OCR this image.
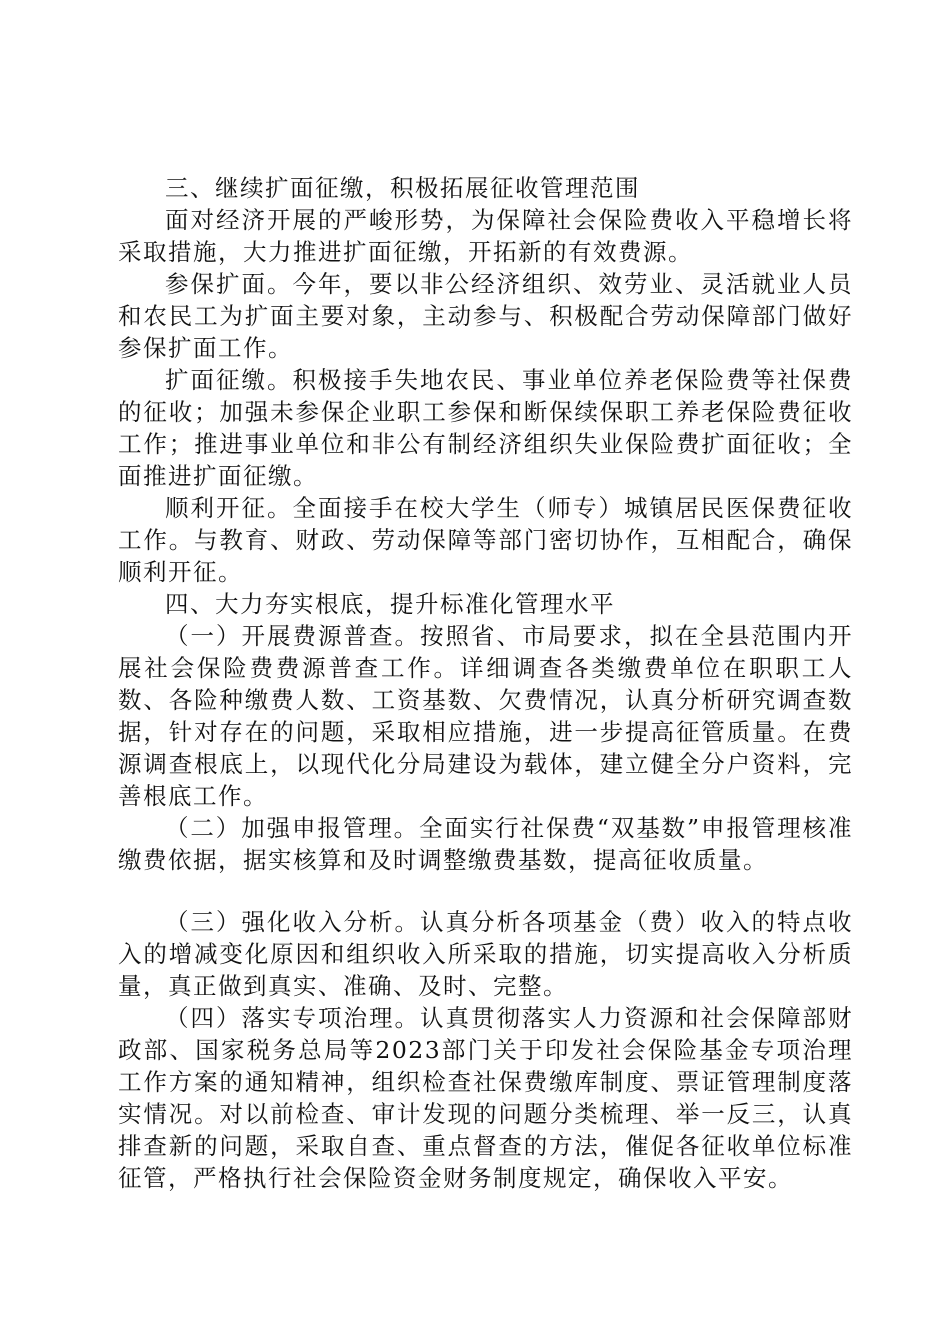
三、继续扩面征缴，积极拓展征收管理范围

面对经济开展的严峻形势，为保障社会保险费收入平稳增长将采取措施，大力推进扩面征缴，开拓新的有效费源。

参保扩面。今年，要以非公经济组织、效劳业、灵活就业人员和农民工为扩面主要对象，主动参与、积极配合劳动保障部门做好参保扩面工作。

扩面征缴。积极接手失地农民、事业单位养老保险费等社保费的征收；加强未参保企业职工参保和断保续保职工养老保险费征收工作；推进事业单位和非公有制经济组织失业保险费扩面征收；全面推进扩面征缴。

顺利开征。全面接手在校大学生（师专）城镇居民医保费征收工作。与教育、财政、劳动保障等部门密切协作，互相配合，确保顺利开征。

四、大力夯实根底，提升标准化管理水平

（一）开展费源普查。按照省、市局要求，拟在全县范围内开展社会保险费费源普查工作。详细调查各类缴费单位在职职工人数、各险种缴费人数、工资基数、欠费情况，认真分析研究调查数据，针对存在的问题，采取相应措施，进一步提高征管质量。在费源调查根底上，以现代化分局建设为载体，建立健全分户资料，完善根底工作。

（二）加强申报管理。全面实行社保费“双基数”申报管理核准缴费依据，据实核算和及时调整缴费基数，提高征收质量。

（三）强化收入分析。认真分析各项基金（费）收入的特点收入的增减变化原因和组织收入所采取的措施，切实提高收入分析质量，真正做到真实、准确、及时、完整。

（四）落实专项治理。认真贯彻落实人力资源和社会保障部财政部、国家税务总局等2023部门关于印发社会保险基金专项治理工作方案的通知精神，组织检查社保费缴库制度、票证管理制度落实情况。对以前检查、审计发现的问题分类梳理、举一反三，认真排查新的问题，采取自查、重点督查的方法，催促各征收单位标准征管，严格执行社会保险资金财务制度规定，确保收入平安。
